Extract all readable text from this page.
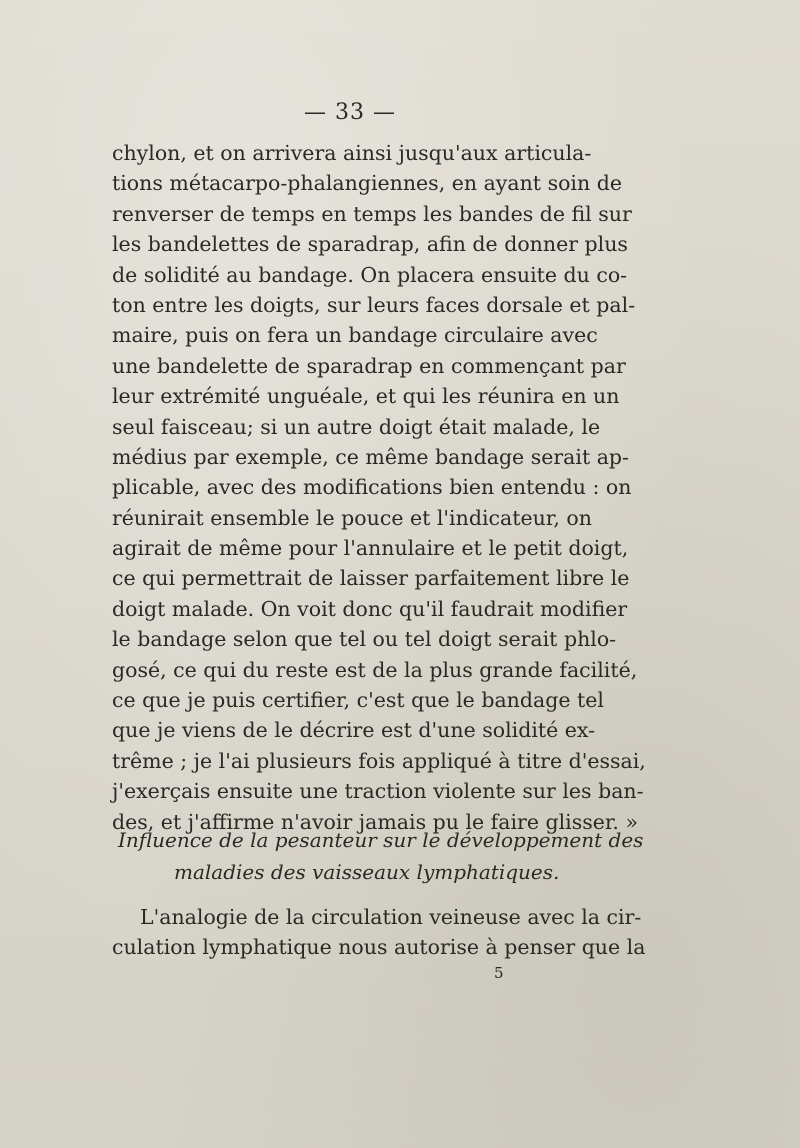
— 33 —
chylon, et on arrivera ainsi jusqu'aux articula-
tions métacarpo-phalangiennes, en ayant soin de
renverser de temps en temps les bandes de fil sur
les bandelettes de sparadrap, afin de donner plus
de solidité au bandage. On placera ensuite du co-
ton entre les doigts, sur leurs faces dorsale et pal-
maire, puis on fera un bandage circulaire avec
une bandelette de sparadrap en commençant par
leur extrémité unguéale, et qui les réunira en un
seul faisceau; si un autre doigt était malade, le
médius par exemple, ce même bandage serait ap-
plicable, avec des modifications bien entendu : on
réunirait ensemble le pouce et l'indicateur, on
agirait de même pour l'annulaire et le petit doigt,
ce qui permettrait de laisser parfaitement libre le
doigt malade. On voit donc qu'il faudrait modifier
le bandage selon que tel ou tel doigt serait phlo-
gosé, ce qui du reste est de la plus grande facilité,
ce que je puis certifier, c'est que le bandage tel
que je viens de le décrire est d'une solidité ex-
trême ; je l'ai plusieurs fois appliqué à titre d'essai,
j'exerçais ensuite une traction violente sur les ban-
des, et j'affirme n'avoir jamais pu le faire glisser. »
Influence de la pesanteur sur le développement des
maladies des vaisseaux lymphatiques.
L'analogie de la circulation veineuse avec la cir-
culation lymphatique nous autorise à penser que la
5
